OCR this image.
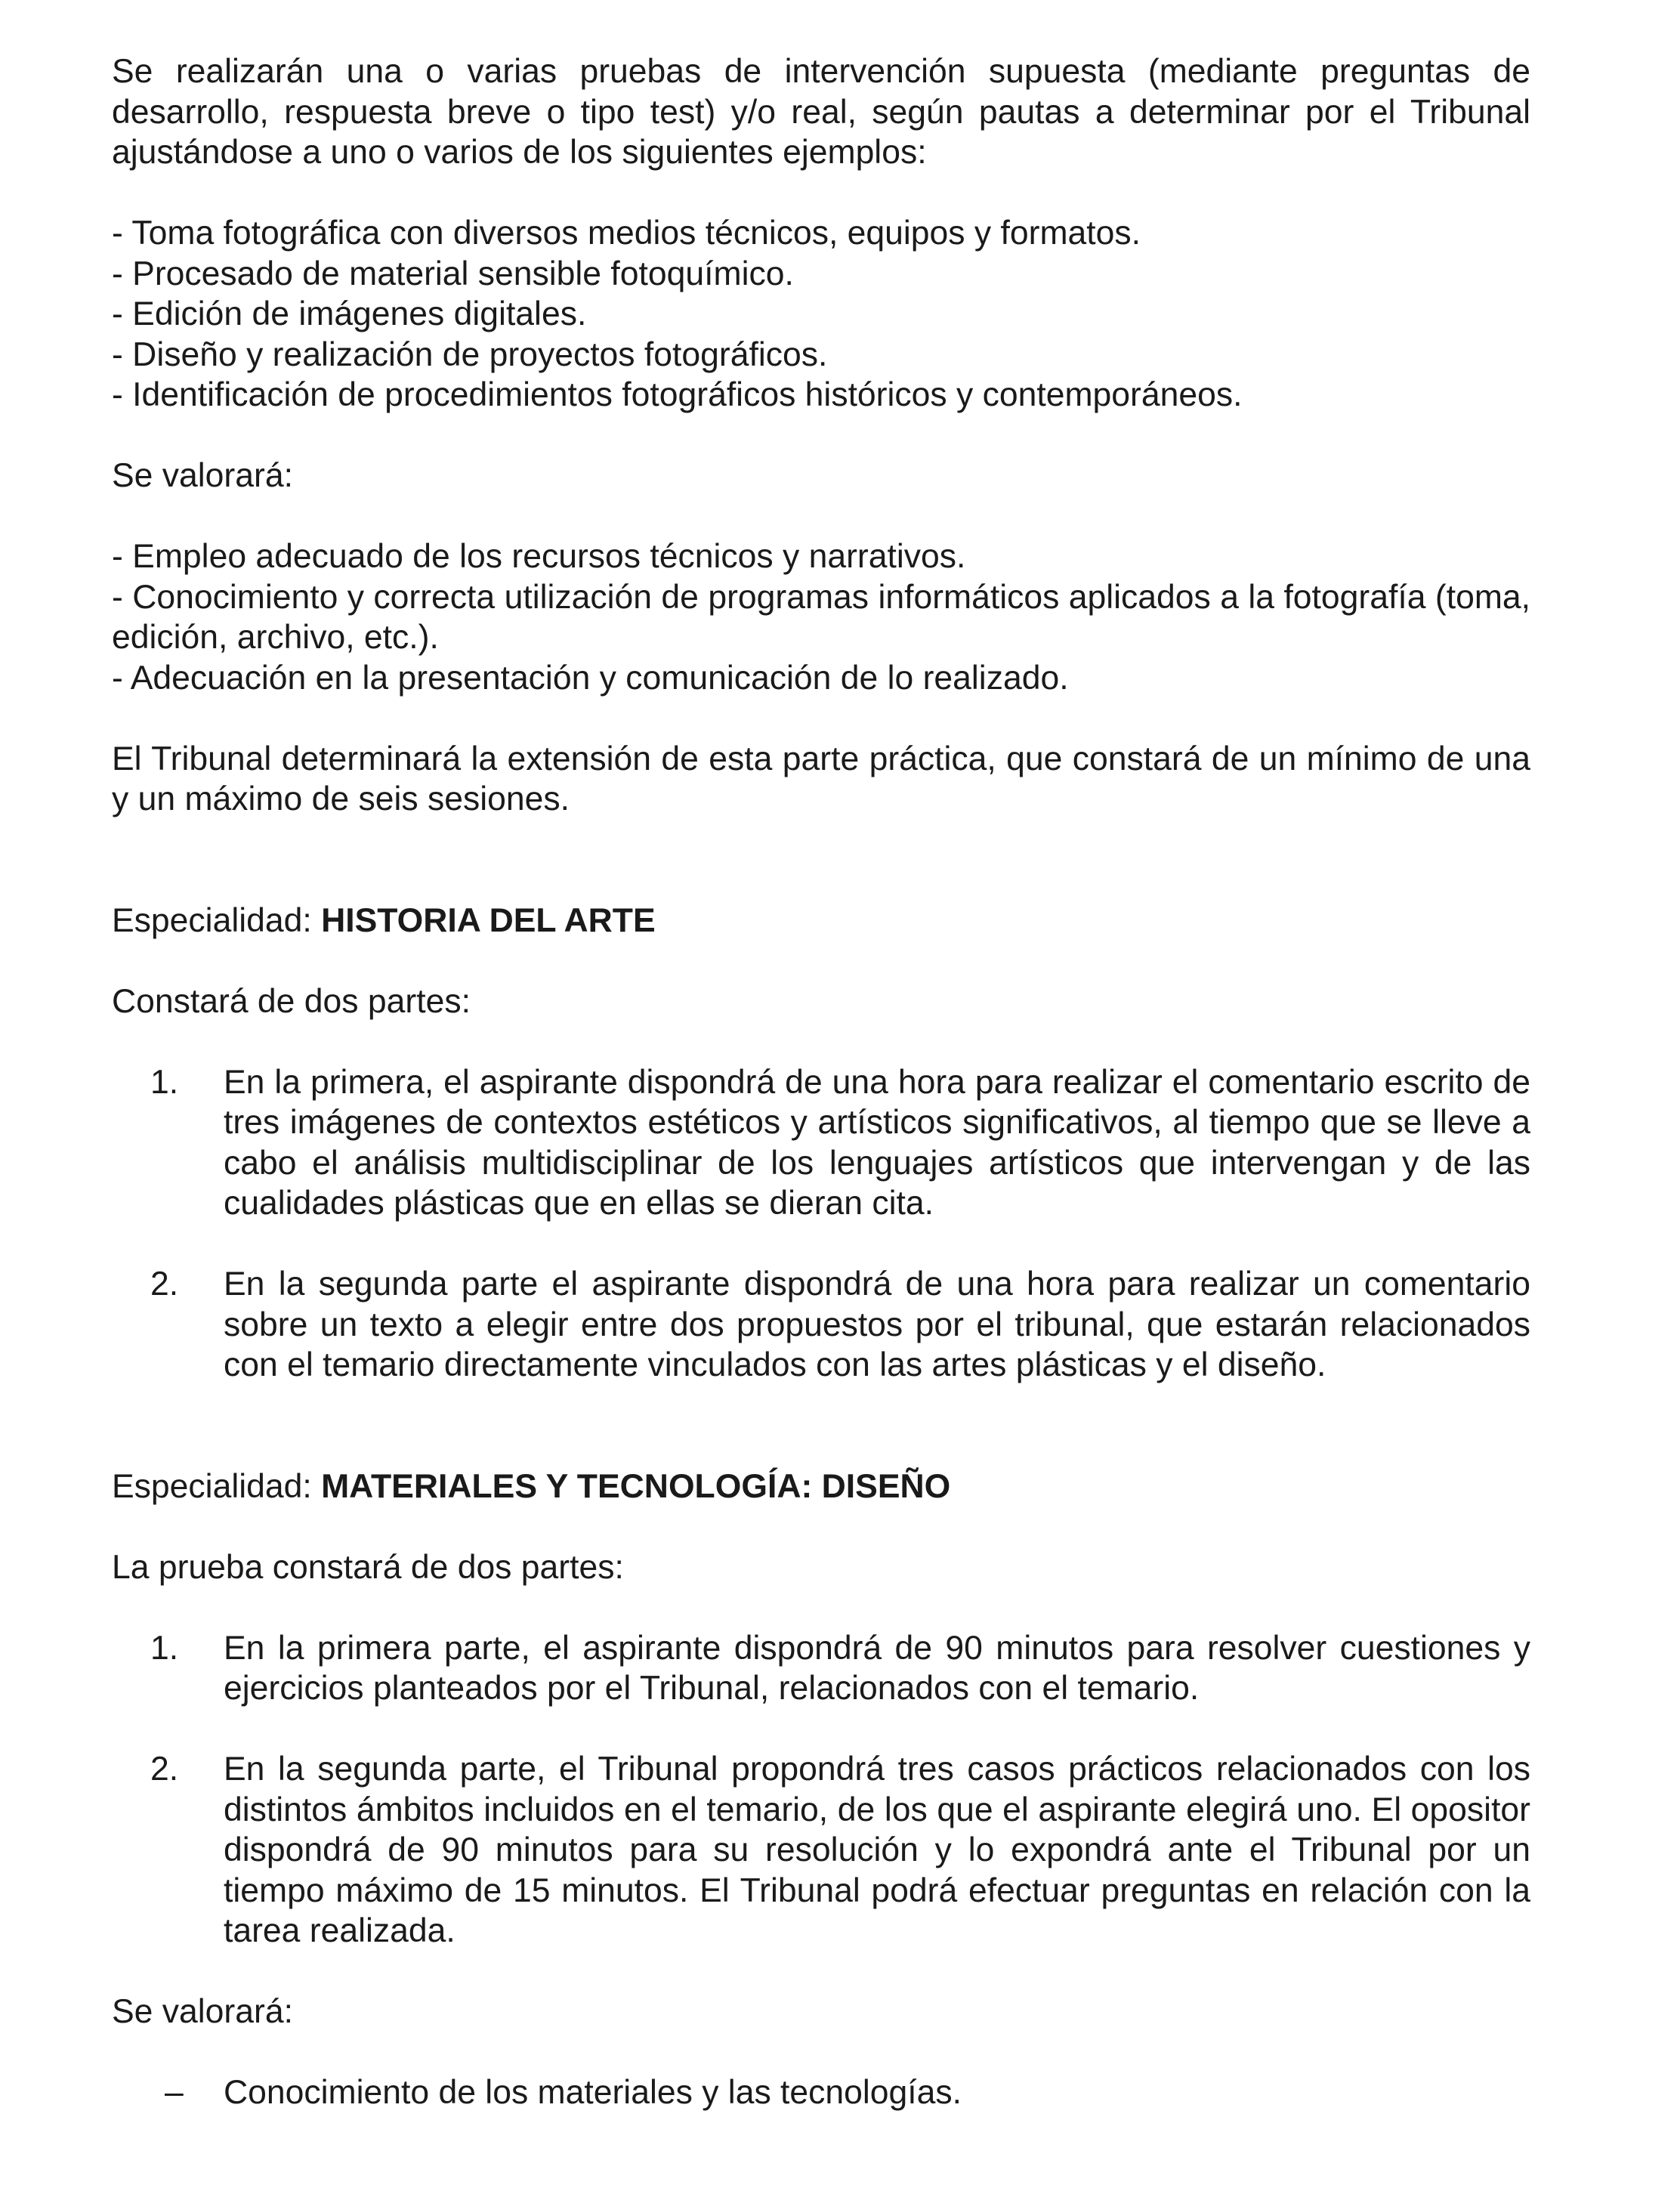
Se realizarán una o varias pruebas de intervención supuesta (mediante preguntas de desarrollo, respuesta breve o tipo test) y/o real, según pautas a determinar por el Tribunal ajustándose a uno o varios de los siguientes ejemplos:

- Toma fotográfica con diversos medios técnicos, equipos y formatos.

- Procesado de material sensible fotoquímico.

- Edición de imágenes digitales.

- Diseño y realización de proyectos fotográficos.

- Identificación de procedimientos fotográficos históricos y contemporáneos.

Se valorará:

- Empleo adecuado de los recursos técnicos y narrativos.

- Conocimiento y correcta utilización de programas informáticos aplicados a la fotografía (toma, edición, archivo, etc.).

- Adecuación en la presentación y comunicación de lo realizado.

El Tribunal determinará la extensión de esta parte práctica, que constará de un mínimo de una y un máximo de seis sesiones.

Especialidad: HISTORIA DEL ARTE

Constará de dos partes:

1. En la primera, el aspirante dispondrá de una hora para realizar el comentario escrito de tres imágenes de contextos estéticos y artísticos significativos, al tiempo que se lleve a cabo el análisis multidisciplinar de los lenguajes artísticos que intervengan y de las cualidades plásticas que en ellas se dieran cita.
2. En la segunda parte el aspirante dispondrá de una hora para realizar un comentario sobre un texto a elegir entre dos propuestos por el tribunal, que estarán relacionados con el temario directamente vinculados con las artes plásticas y el diseño.

Especialidad: MATERIALES Y TECNOLOGÍA: DISEÑO

La prueba constará de dos partes:

1. En la primera parte, el aspirante dispondrá de 90 minutos para resolver cuestiones y ejercicios planteados por el Tribunal, relacionados con el temario.
2. En la segunda parte, el Tribunal propondrá tres casos prácticos relacionados con los distintos ámbitos incluidos en el temario, de los que el aspirante elegirá uno. El opositor dispondrá de 90 minutos para su resolución y lo expondrá ante el Tribunal por un tiempo máximo de 15 minutos. El Tribunal podrá efectuar preguntas en relación con la tarea realizada.

Se valorará:

– Conocimiento de los materiales y las tecnologías.
